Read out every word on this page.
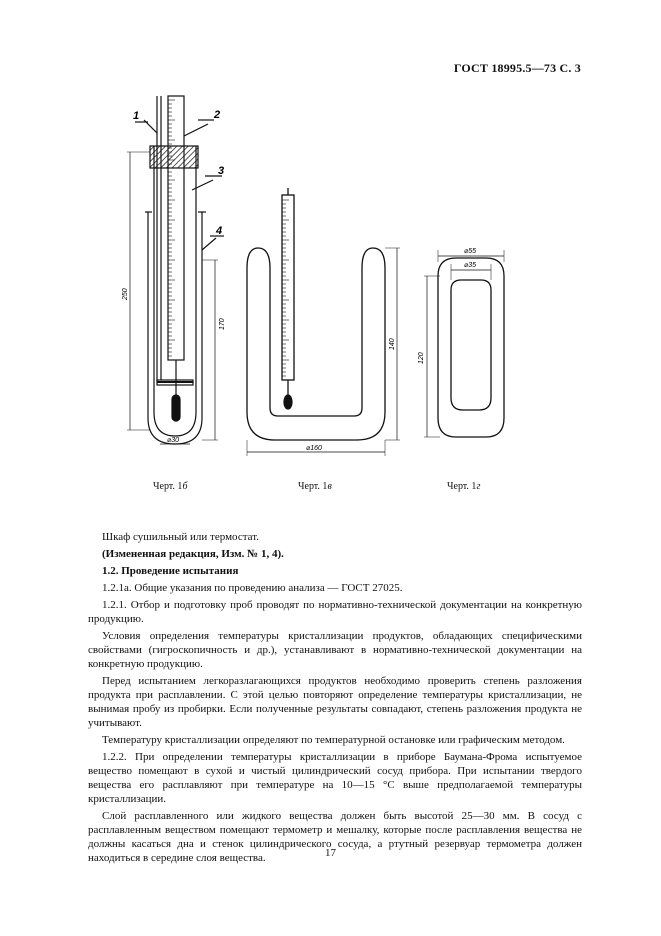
ГОСТ 18995.5—73 С. 3
1	2
3
4
250
170
⌀30
140
⌀160
⌀55
⌀35
120
Черт. 1б	Черт. 1в	Черт. 1г

Шкаф сушильный или термостат.

(Измененная редакция, Изм. № 1, 4).

1.2. Проведение испытания

1.2.1а. Общие указания по проведению анализа — ГОСТ 27025.

1.2.1. Отбор и подготовку проб проводят по нормативно-технической документации на конкретную продукцию.

Условия определения температуры кристаллизации продуктов, обладающих специфическими свойствами (гигроскопичность и др.), устанавливают в нормативно-технической документации на конкретную продукцию.

Перед испытанием легкоразлагающихся продуктов необходимо проверить степень разложения продукта при расплавлении. С этой целью повторяют определение температуры кристаллизации, не вынимая пробу из пробирки. Если полученные результаты совпадают, степень разложения продукта не учитывают.

Температуру кристаллизации определяют по температурной остановке или графическим методом.

1.2.2. При определении температуры кристаллизации в приборе Баумана-Фрома испытуемое вещество помещают в сухой и чистый цилиндрический сосуд прибора. При испытании твердого вещества его расплавляют при температуре на 10—15 °С выше предполагаемой температуры кристаллизации.

Слой расплавленного или жидкого вещества должен быть высотой 25—30 мм. В сосуд с расплавленным веществом помещают термометр и мешалку, которые после расплавления вещества не должны касаться дна и стенок цилиндрического сосуда, а ртутный резервуар термометра должен находиться в середине слоя вещества.	17
